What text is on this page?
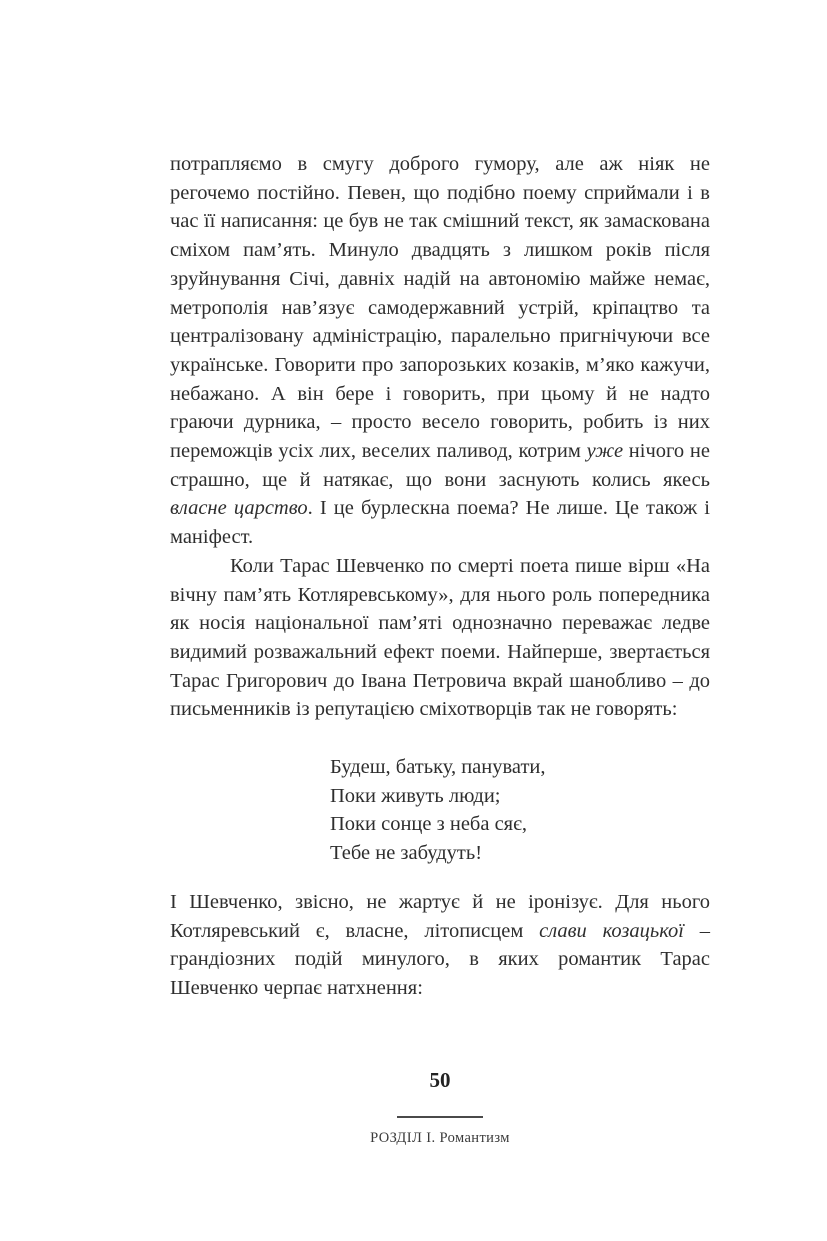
потрапляємо в смугу доброго гумору, але аж ніяк не регочемо постійно. Певен, що подібно поему сприймали і в час її написання: це був не так смішний текст, як замаскована сміхом пам’ять. Минуло двадцять з лишком років після зруйнування Січі, давніх надій на автономію майже немає, метрополія нав’язує самодержавний устрій, кріпацтво та централізовану адміністрацію, паралельно пригнічуючи все українське. Говорити про запорозьких козаків, м’яко кажучи, небажано. А він бере і говорить, при цьому й не надто граючи дурника, – просто весело говорить, робить із них переможців усіх лих, веселих паливод, котрим уже нічого не страшно, ще й натякає, що вони заснують колись якесь власне царство. І це бурлескна поема? Не лише. Це також і маніфест.

Коли Тарас Шевченко по смерті поета пише вірш «На вічну пам’ять Котляревському», для нього роль попередника як носія національної пам’яті однозначно переважає ледве видимий розважальний ефект поеми. Найперше, звертається Тарас Григорович до Івана Петровича вкрай шанобливо – до письменників із репутацією сміхотворців так не говорять:

Будеш, батьку, панувати,
Поки живуть люди;
Поки сонце з неба сяє,
Тебе не забудуть!

І Шевченко, звісно, не жартує й не іронізує. Для нього Котляревський є, власне, літописцем слави козацької – грандіозних подій минулого, в яких романтик Тарас Шевченко черпає натхнення:

50
РОЗДІЛ І. Романтизм
